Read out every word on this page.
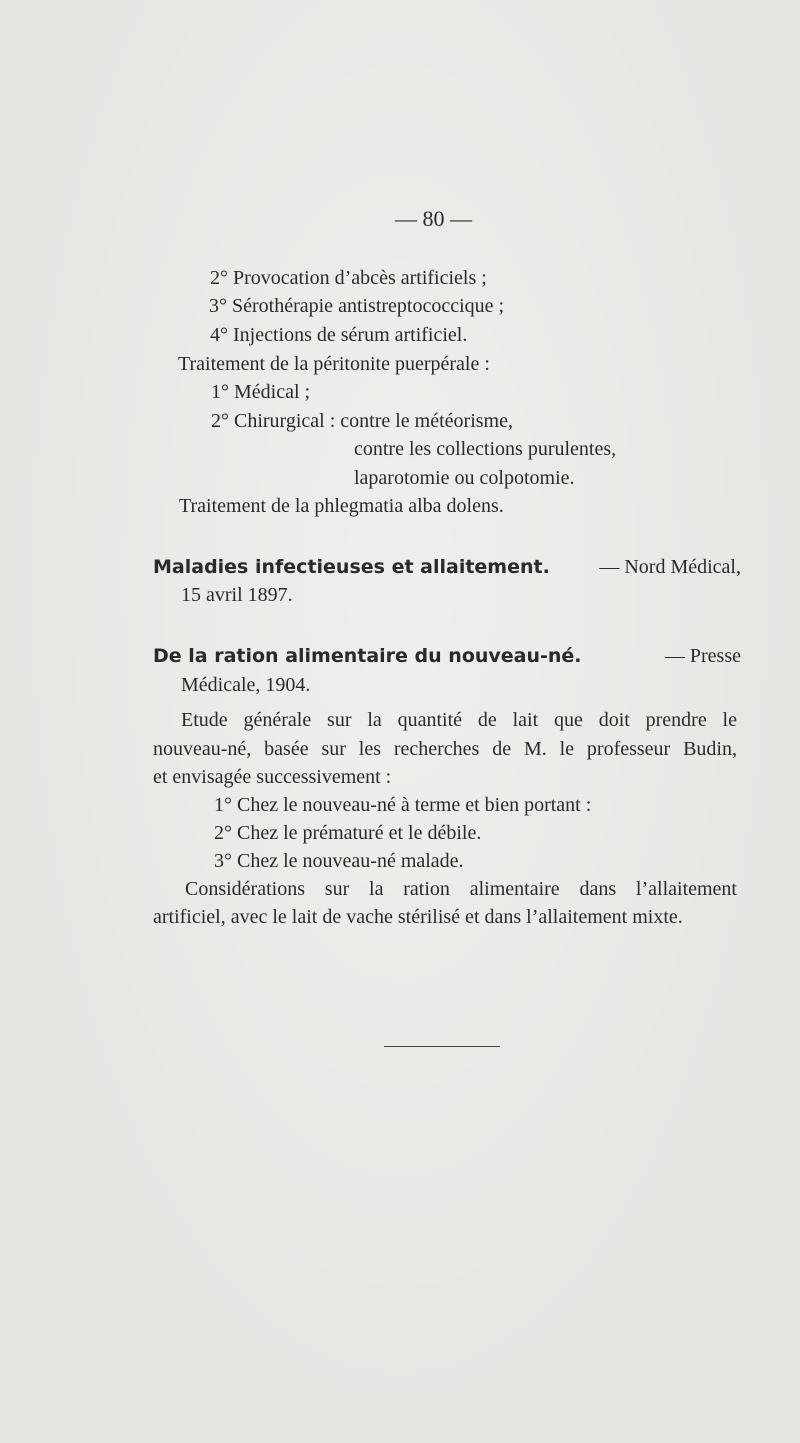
— 80 —
2° Provocation d’abcès artificiels ;
3° Sérothérapie antistreptococcique ;
4° Injections de sérum artificiel.
Traitement de la péritonite puerpérale :
1° Médical ;
2° Chirurgical : contre le météorisme,
contre les collections purulentes,
laparotomie ou colpotomie.
Traitement de la phlegmatia alba dolens.
Maladies infectieuses et allaitement. — Nord Médical,
15 avril 1897.
De la ration alimentaire du nouveau-né.	— Presse
Médicale, 1904.
Etude générale sur la quantité de lait que doit prendre le
nouveau-né, basée sur les recherches de M. le professeur Budin,
et envisagée successivement :
1° Chez le nouveau-né à terme et bien portant :
2° Chez le prématuré et le débile.
3° Chez le nouveau-né malade.
Considérations sur la ration alimentaire dans l’allaitement
artificiel, avec le lait de vache stérilisé et dans l’allaitement mixte.
